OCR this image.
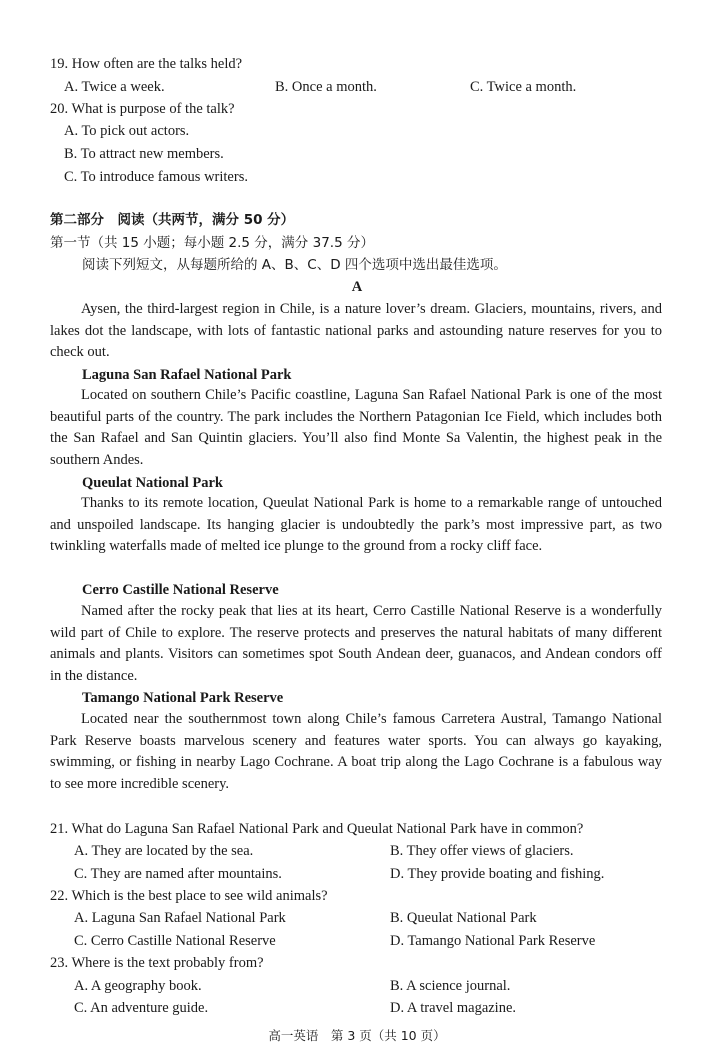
19. How often are the talks held?
A. Twice a week.	B. Once a month.	C. Twice a month.
20. What is purpose of the talk?
A. To pick out actors.
B. To attract new members.
C. To introduce famous writers.
第二部分　阅读（共两节，满分 50 分）
第一节（共 15 小题；每小题 2.5 分，满分 37.5 分）
阅读下列短文，从每题所给的 A、B、C、D 四个选项中选出最佳选项。
A

Aysen, the third-largest region in Chile, is a nature lover’s dream. Glaciers, mountains, rivers, and lakes dot the landscape, with lots of fantastic national parks and astounding nature reserves for you to check out.

Laguna San Rafael National Park

Located on southern Chile’s Pacific coastline, Laguna San Rafael National Park is one of the most beautiful parts of the country. The park includes the Northern Patagonian Ice Field, which includes both the San Rafael and San Quintin glaciers. You’ll also find Monte Sa Valentin, the highest peak in the southern Andes.

Queulat National Park

Thanks to its remote location, Queulat National Park is home to a remarkable range of untouched and unspoiled landscape. Its hanging glacier is undoubtedly the park’s most impressive part, as two twinkling waterfalls made of melted ice plunge to the ground from a rocky cliff face.

Cerro Castille National Reserve

Named after the rocky peak that lies at its heart, Cerro Castille National Reserve is a wonderfully wild part of Chile to explore. The reserve protects and preserves the natural habitats of many different animals and plants. Visitors can sometimes spot South Andean deer, guanacos, and Andean condors off in the distance.

Tamango National Park Reserve

Located near the southernmost town along Chile’s famous Carretera Austral, Tamango National Park Reserve boasts marvelous scenery and features water sports. You can always go kayaking, swimming, or fishing in nearby Lago Cochrane. A boat trip along the Lago Cochrane is a fabulous way to see more incredible scenery.

21. What do Laguna San Rafael National Park and Queulat National Park have in common?
A. They are located by the sea.	B. They offer views of glaciers.
C. They are named after mountains.	D. They provide boating and fishing.
22. Which is the best place to see wild animals?
A. Laguna San Rafael National Park	B. Queulat National Park
C. Cerro Castille National Reserve	D. Tamango National Park Reserve
23. Where is the text probably from?
A. A geography book.	B. A science journal.
C. An adventure guide.	D. A travel magazine.
高一英语　第 3 页（共 10 页）
